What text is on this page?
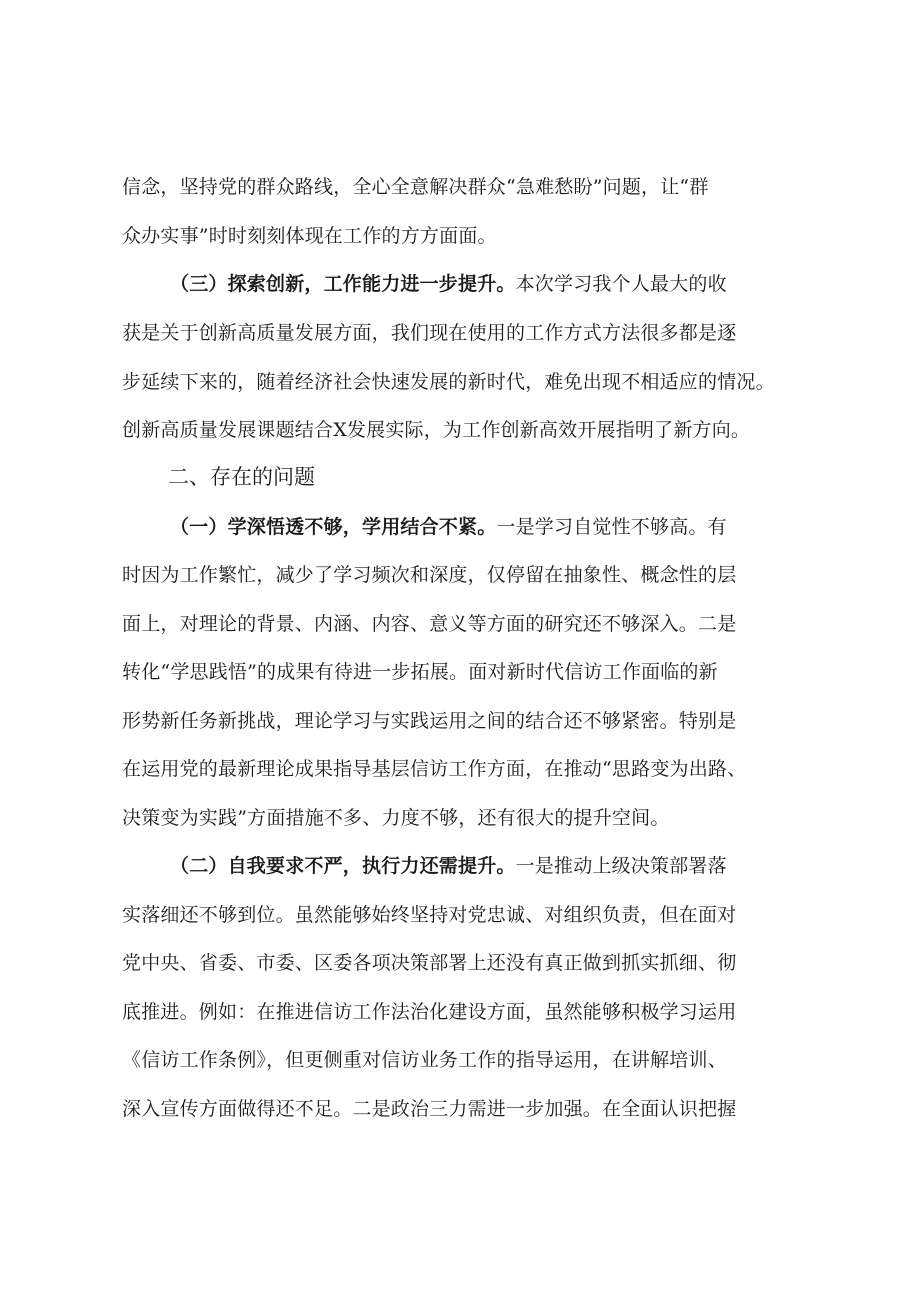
信念，坚持党的群众路线，全心全意解决群众“急难愁盼”问题，让“群

众办实事”时时刻刻体现在工作的方方面面。

（三）探索创新，工作能力进一步提升。本次学习我个人最大的收

获是关于创新高质量发展方面，我们现在使用的工作方式方法很多都是逐

步延续下来的，随着经济社会快速发展的新时代，难免出现不相适应的情况。

创新高质量发展课题结合X发展实际，为工作创新高效开展指明了新方向。

二、存在的问题

（一）学深悟透不够，学用结合不紧。一是学习自觉性不够高。有

时因为工作繁忙，减少了学习频次和深度，仅停留在抽象性、概念性的层

面上，对理论的背景、内涵、内容、意义等方面的研究还不够深入。二是

转化“学思践悟”的成果有待进一步拓展。面对新时代信访工作面临的新

形势新任务新挑战，理论学习与实践运用之间的结合还不够紧密。特别是

在运用党的最新理论成果指导基层信访工作方面，在推动“思路变为出路、

决策变为实践”方面措施不多、力度不够，还有很大的提升空间。

（二）自我要求不严，执行力还需提升。一是推动上级决策部署落

实落细还不够到位。虽然能够始终坚持对党忠诚、对组织负责，但在面对

党中央、省委、市委、区委各项决策部署上还没有真正做到抓实抓细、彻

底推进。例如：在推进信访工作法治化建设方面，虽然能够积极学习运用

《信访工作条例》，但更侧重对信访业务工作的指导运用，在讲解培训、

深入宣传方面做得还不足。二是政治三力需进一步加强。在全面认识把握
